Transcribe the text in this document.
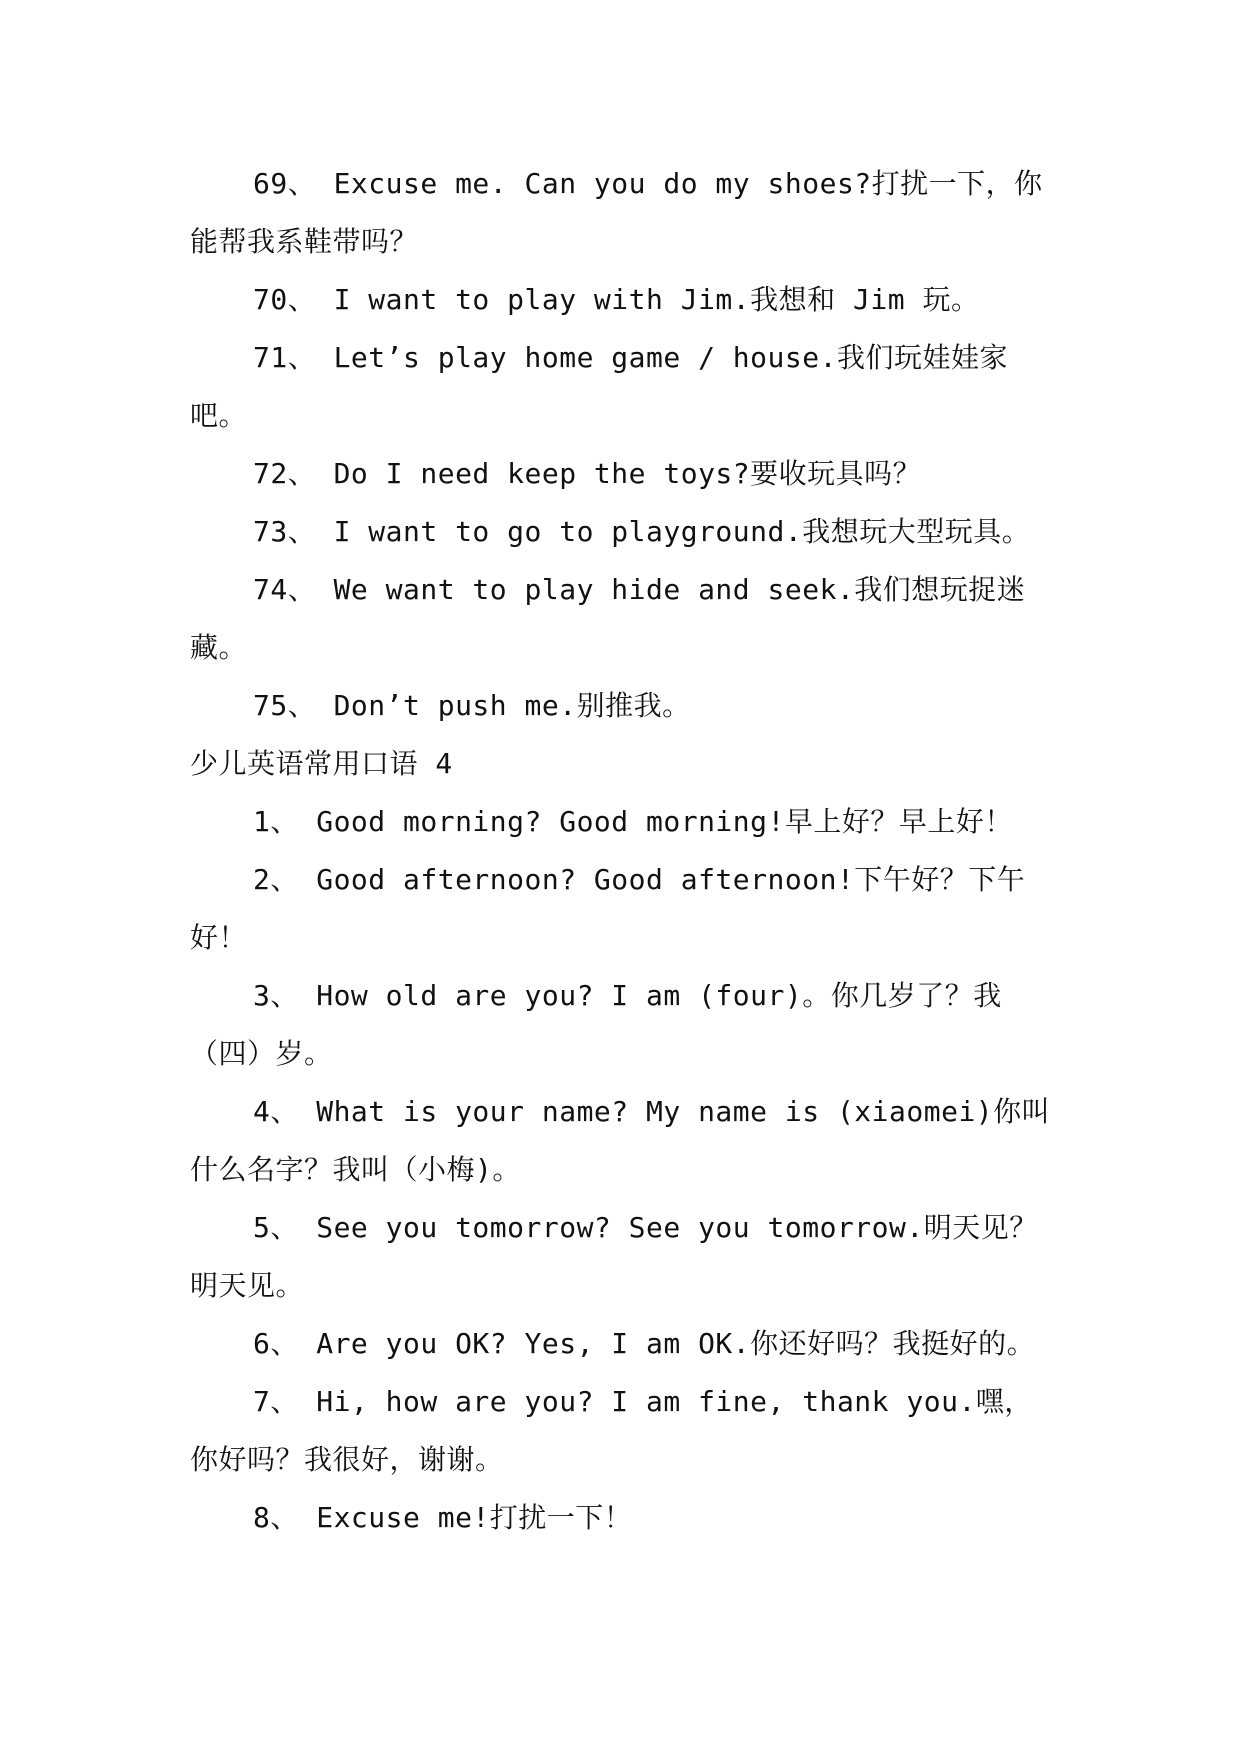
69、 Excuse me. Can you do my shoes?打扰一下，你能帮我系鞋带吗？

70、 I want to play with Jim.我想和 Jim 玩。

71、 Let’s play home game / house.我们玩娃娃家吧。

72、 Do I need keep the toys?要收玩具吗？

73、 I want to go to playground.我想玩大型玩具。

74、 We want to play hide and seek.我们想玩捉迷藏。

75、 Don’t push me.别推我。

少儿英语常用口语 4

1、 Good morning? Good morning!早上好？早上好！

2、 Good afternoon? Good afternoon!下午好？下午好！

3、 How old are you? I am (four)。你几岁了？我（四）岁。

4、 What is your name? My name is (xiaomei)你叫什么名字？我叫（小梅)。

5、 See you tomorrow? See you tomorrow.明天见？明天见。

6、 Are you OK? Yes, I am OK.你还好吗？我挺好的。

7、 Hi, how are you? I am fine, thank you.嘿，你好吗？我很好，谢谢。

8、 Excuse me!打扰一下！
